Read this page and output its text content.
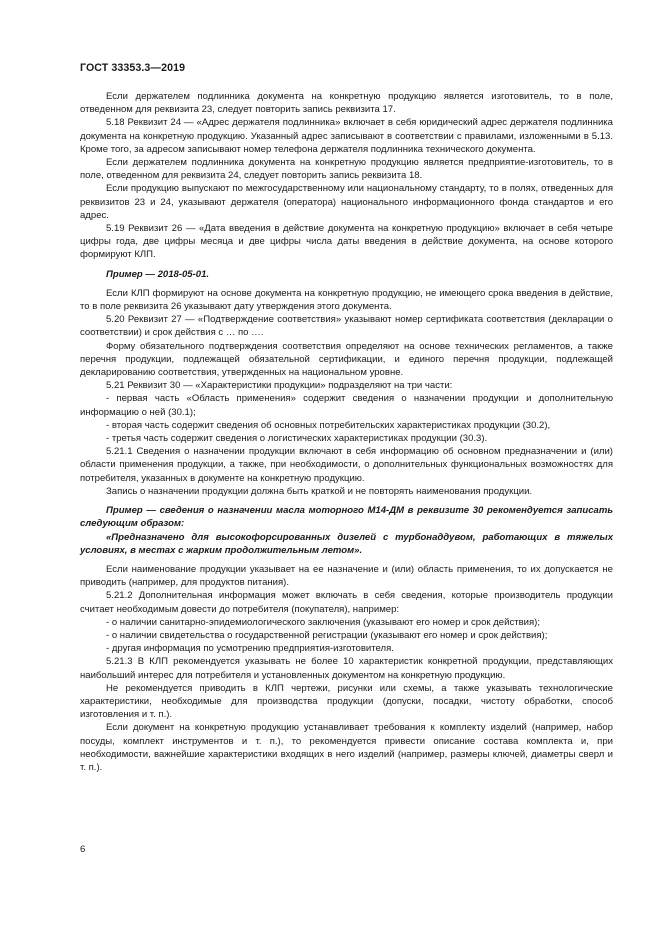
ГОСТ 33353.3—2019

Если держателем подлинника документа на конкретную продукцию является изготовитель, то в поле, отведенном для реквизита 23, следует повторить запись реквизита 17.

5.18 Реквизит 24 — «Адрес держателя подлинника» включает в себя юридический адрес держателя подлинника документа на конкретную продукцию. Указанный адрес записывают в соответствии с правилами, изложенными в 5.13. Кроме того, за адресом записывают номер телефона держателя подлинника технического документа.

Если держателем подлинника документа на конкретную продукцию является предприятие-изготовитель, то в поле, отведенном для реквизита 24, следует повторить запись реквизита 18.

Если продукцию выпускают по межгосударственному или национальному стандарту, то в полях, отведенных для реквизитов 23 и 24, указывают держателя (оператора) национального информационного фонда стандартов и его адрес.

5.19 Реквизит 26 — «Дата введения в действие документа на конкретную продукцию» включает в себя четыре цифры года, две цифры месяца и две цифры числа даты введения в действие документа, на основе которого формируют КЛП.

Пример — 2018-05-01.

Если КЛП формируют на основе документа на конкретную продукцию, не имеющего срока введения в действие, то в поле реквизита 26 указывают дату утверждения этого документа.

5.20 Реквизит 27 — «Подтверждение соответствия» указывают номер сертификата соответствия (декларации о соответствии) и срок действия с … по ….

Форму обязательного подтверждения соответствия определяют на основе технических регламентов, а также перечня продукции, подлежащей обязательной сертификации, и единого перечня продукции, подлежащей декларированию соответствия, утвержденных на национальном уровне.

5.21 Реквизит 30 — «Характеристики продукции» подразделяют на три части:

- первая часть «Область применения» содержит сведения о назначении продукции и дополнительную информацию о ней (30.1);

- вторая часть содержит сведения об основных потребительских характеристиках продукции (30.2),

- третья часть содержит сведения о логистических характеристиках продукции (30.3).

5.21.1 Сведения о назначении продукции включают в себя информацию об основном предназначении и (или) области применения продукции, а также, при необходимости, о дополнительных функциональных возможностях для потребителя, указанных в документе на конкретную продукцию.

Запись о назначении продукции должна быть краткой и не повторять наименования продукции.

Пример — сведения о назначении масла моторного М14-ДМ в реквизите 30 рекомендуется записать следующим образом:

«Предназначено для высокофорсированных дизелей с турбонаддувом, работающих в тяжелых условиях, в местах с жарким продолжительным летом».

Если наименование продукции указывает на ее назначение и (или) область применения, то их допускается не приводить (например, для продуктов питания).

5.21.2 Дополнительная информация может включать в себя сведения, которые производитель продукции считает необходимым довести до потребителя (покупателя), например:

- о наличии санитарно-эпидемиологического заключения (указывают его номер и срок действия);

- о наличии свидетельства о государственной регистрации (указывают его номер и срок действия);

- другая информация по усмотрению предприятия-изготовителя.

5.21.3 В КЛП рекомендуется указывать не более 10 характеристик конкретной продукции, представляющих наибольший интерес для потребителя и установленных документом на конкретную продукцию.

Не рекомендуется приводить в КЛП чертежи, рисунки или схемы, а также указывать технологические характеристики, необходимые для производства продукции (допуски, посадки, чистоту обработки, способ изготовления и т. п.).

Если документ на конкретную продукцию устанавливает требования к комплекту изделий (например, набор посуды, комплект инструментов и т. п.), то рекомендуется привести описание состава комплекта и, при необходимости, важнейшие характеристики входящих в него изделий (например, размеры ключей, диаметры сверл и т. п.).

6
